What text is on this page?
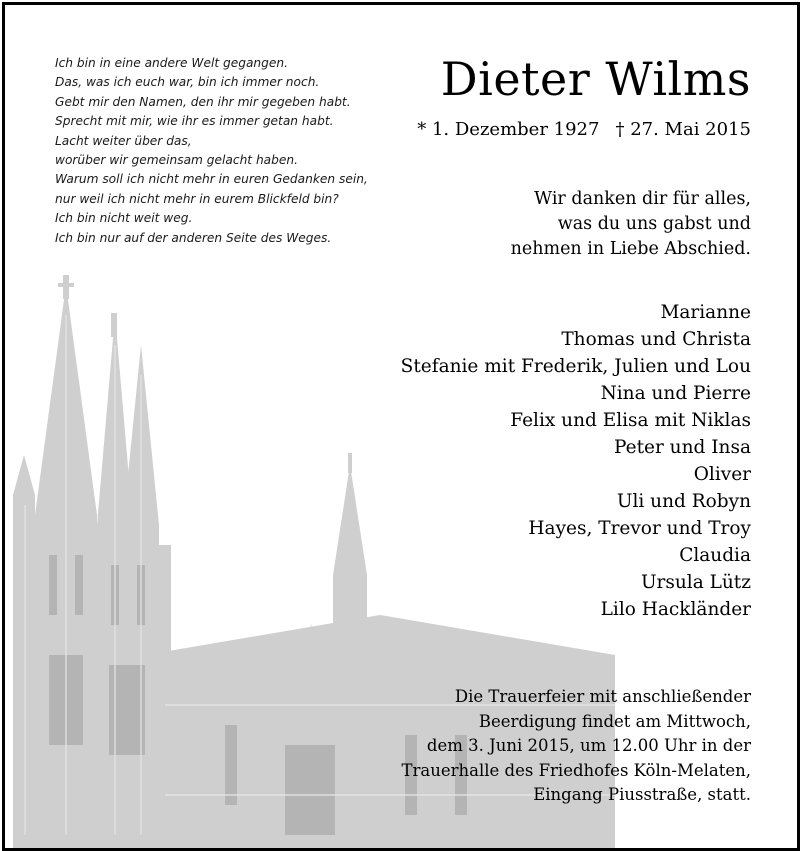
Ich bin in eine andere Welt gegangen.
Das, was ich euch war, bin ich immer noch.
Gebt mir den Namen, den ihr mir gegeben habt.
Sprecht mit mir, wie ihr es immer getan habt.
Lacht weiter über das,
worüber wir gemeinsam gelacht haben.
Warum soll ich nicht mehr in euren Gedanken sein,
nur weil ich nicht mehr in eurem Blickfeld bin?
Ich bin nicht weit weg.
Ich bin nur auf der anderen Seite des Weges.
Dieter Wilms
* 1. Dezember 1927 † 27. Mai 2015
Wir danken dir für alles,
was du uns gabst und
nehmen in Liebe Abschied.
Marianne
Thomas und Christa
Stefanie mit Frederik, Julien und Lou
Nina und Pierre
Felix und Elisa mit Niklas
Peter und Insa
Oliver
Uli und Robyn
Hayes, Trevor und Troy
Claudia
Ursula Lütz
Lilo Hackländer
Die Trauerfeier mit anschließender
Beerdigung findet am Mittwoch,
dem 3. Juni 2015, um 12.00 Uhr in der
Trauerhalle des Friedhofes Köln-Melaten,
Eingang Piusstraße, statt.
